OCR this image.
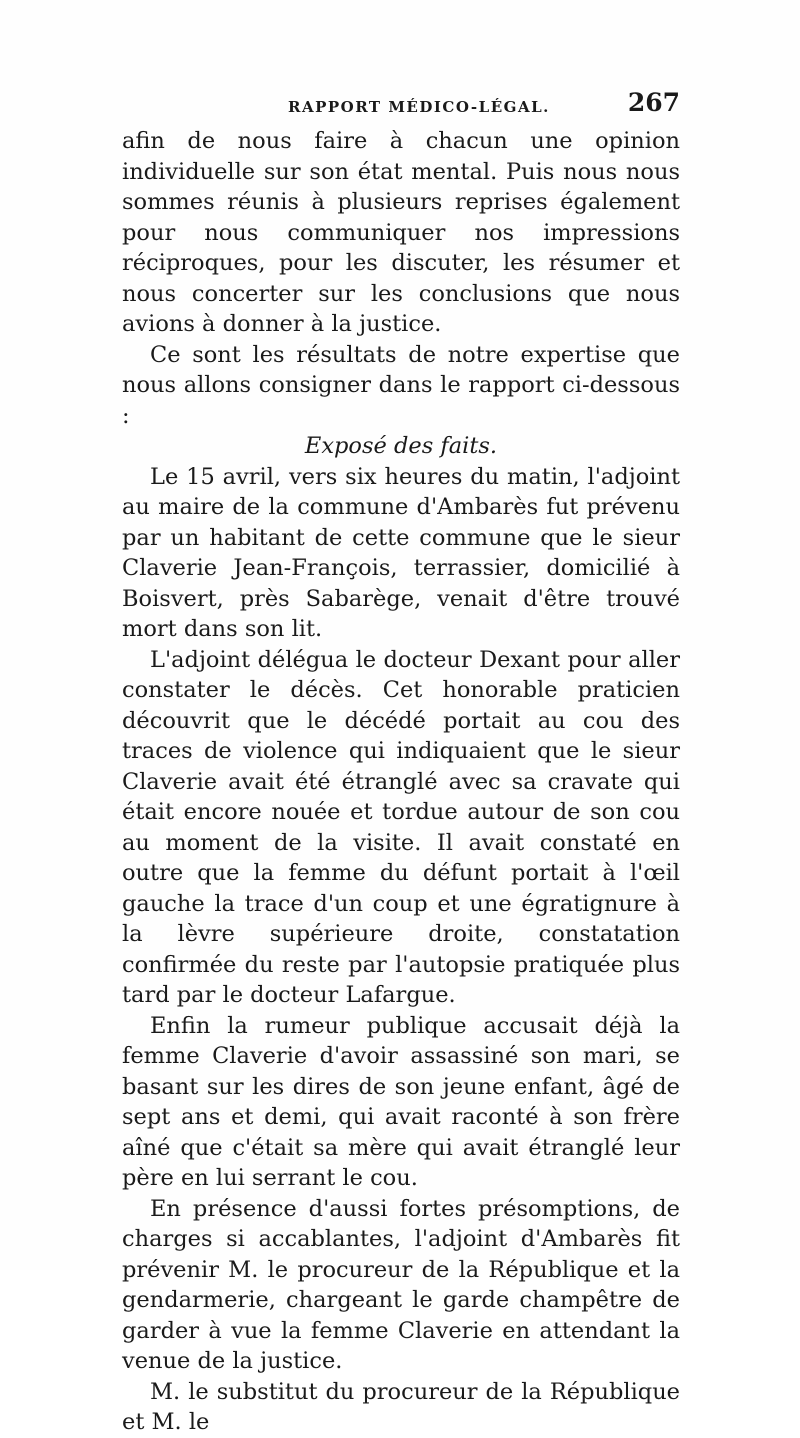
RAPPORT MÉDICO-LÉGAL.	267

afin de nous faire à chacun une opinion individuelle sur son état mental. Puis nous nous sommes réunis à plusieurs reprises également pour nous communiquer nos impressions réciproques, pour les discuter, les résumer et nous concerter sur les conclusions que nous avions à donner à la justice.

Ce sont les résultats de notre expertise que nous allons consigner dans le rapport ci-dessous :

Exposé des faits.

Le 15 avril, vers six heures du matin, l'adjoint au maire de la commune d'Ambarès fut prévenu par un habitant de cette commune que le sieur Claverie Jean-François, terrassier, domicilié à Boisvert, près Sabarège, venait d'être trouvé mort dans son lit.

L'adjoint délégua le docteur Dexant pour aller constater le décès. Cet honorable praticien découvrit que le décédé portait au cou des traces de violence qui indiquaient que le sieur Claverie avait été étranglé avec sa cravate qui était encore nouée et tordue autour de son cou au moment de la visite. Il avait constaté en outre que la femme du défunt portait à l'œil gauche la trace d'un coup et une égratignure à la lèvre supérieure droite, constatation confirmée du reste par l'autopsie pratiquée plus tard par le docteur Lafargue.

Enfin la rumeur publique accusait déjà la femme Claverie d'avoir assassiné son mari, se basant sur les dires de son jeune enfant, âgé de sept ans et demi, qui avait raconté à son frère aîné que c'était sa mère qui avait étranglé leur père en lui serrant le cou.

En présence d'aussi fortes présomptions, de charges si accablantes, l'adjoint d'Ambarès fit prévenir M. le procureur de la République et la gendarmerie, chargeant le garde champêtre de garder à vue la femme Claverie en attendant la venue de la justice.

M. le substitut du procureur de la République et M. le
